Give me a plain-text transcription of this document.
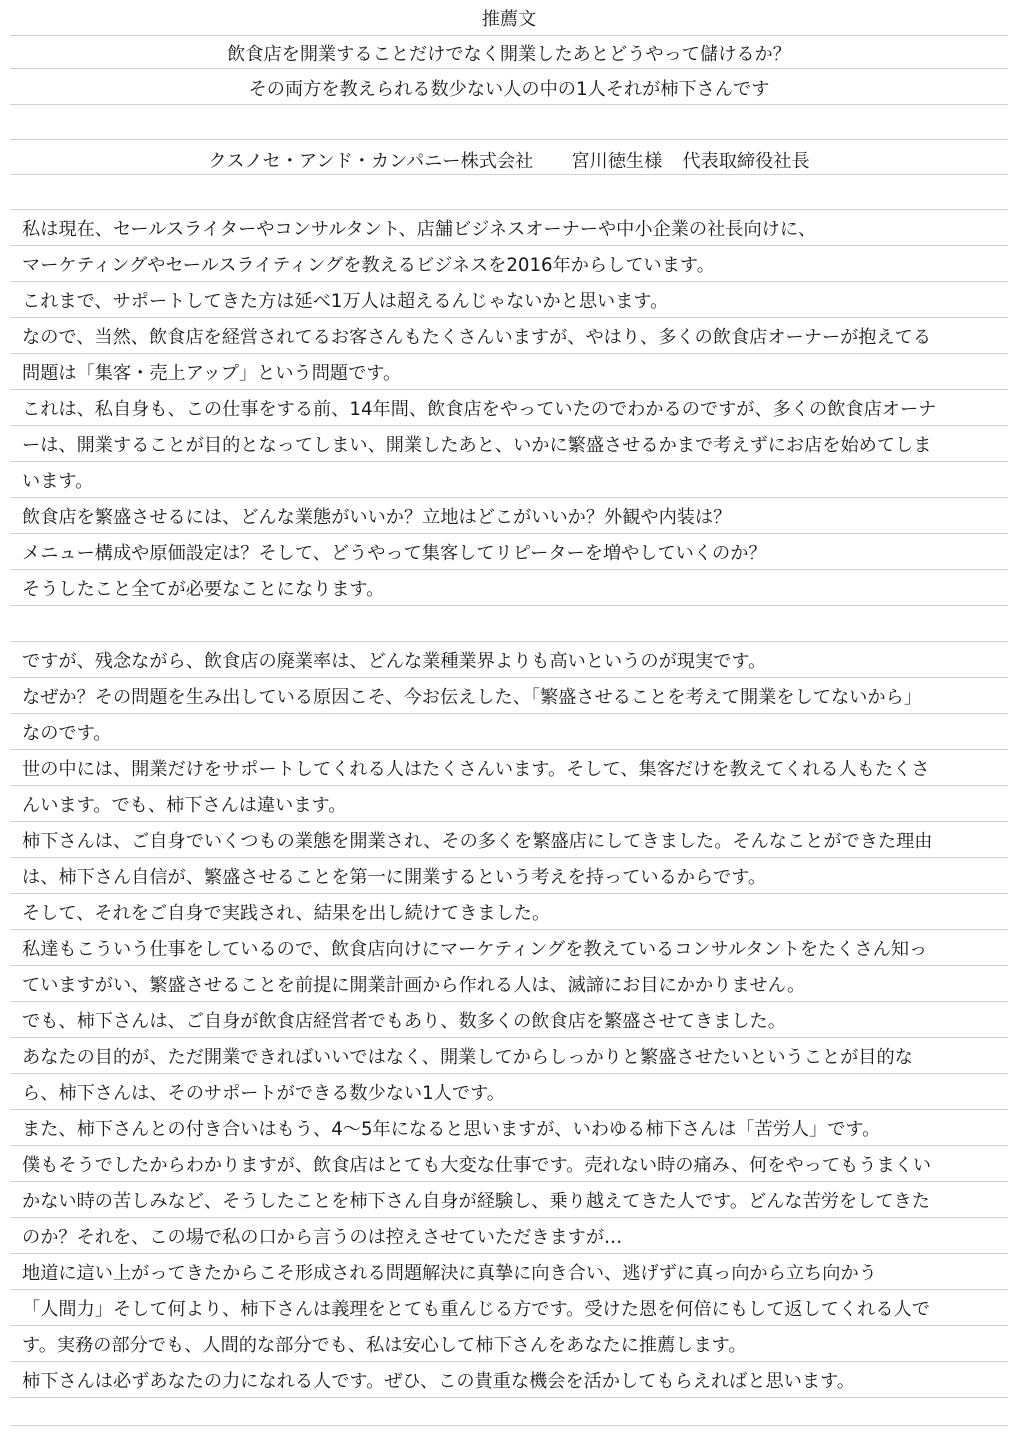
推薦文
飲食店を開業することだけでなく開業したあとどうやって儲けるか？
その両方を教えられる数少ない人の中の1人それが柿下さんです
クスノセ・アンド・カンパニー株式会社 宮川徳生様 代表取締役社長
私は現在、セールスライターやコンサルタント、店舗ビジネスオーナーや中小企業の社長向けに、
マーケティングやセールスライティングを教えるビジネスを2016年からしています。
これまで、サポートしてきた方は延べ1万人は超えるんじゃないかと思います。
なので、当然、飲食店を経営されてるお客さんもたくさんいますが、やはり、多くの飲食店オーナーが抱えてる
問題は「集客・売上アップ」という問題です。
これは、私自身も、この仕事をする前、14年間、飲食店をやっていたのでわかるのですが、多くの飲食店オーナ
ーは、開業することが目的となってしまい、開業したあと、いかに繁盛させるかまで考えずにお店を始めてしま
います。
飲食店を繁盛させるには、どんな業態がいいか？立地はどこがいいか？外観や内装は？
メニュー構成や原価設定は？そして、どうやって集客してリピーターを増やしていくのか？
そうしたこと全てが必要なことになります。
ですが、残念ながら、飲食店の廃業率は、どんな業種業界よりも高いというのが現実です。
なぜか？その問題を生み出している原因こそ、今お伝えした、「繁盛させることを考えて開業をしてないから」
なのです。
世の中には、開業だけをサポートしてくれる人はたくさんいます。そして、集客だけを教えてくれる人もたくさ
んいます。でも、柿下さんは違います。
柿下さんは、ご自身でいくつもの業態を開業され、その多くを繁盛店にしてきました。そんなことができた理由
は、柿下さん自信が、繁盛させることを第一に開業するという考えを持っているからです。
そして、それをご自身で実践され、結果を出し続けてきました。
私達もこういう仕事をしているので、飲食店向けにマーケティングを教えているコンサルタントをたくさん知っ
ていますがい、繁盛させることを前提に開業計画から作れる人は、滅諦にお目にかかりません。
でも、柿下さんは、ご自身が飲食店経営者でもあり、数多くの飲食店を繁盛させてきました。
あなたの目的が、ただ開業できればいいではなく、開業してからしっかりと繁盛させたいということが目的な
ら、柿下さんは、そのサポートができる数少ない1人です。
また、柿下さんとの付き合いはもう、4〜5年になると思いますが、いわゆる柿下さんは「苦労人」です。
僕もそうでしたからわかりますが、飲食店はとても大変な仕事です。売れない時の痛み、何をやってもうまくい
かない時の苦しみなど、そうしたことを柿下さん自身が経験し、乗り越えてきた人です。どんな苦労をしてきた
のか？それを、この場で私の口から言うのは控えさせていただきますが…
地道に這い上がってきたからこそ形成される問題解決に真摯に向き合い、逃げずに真っ向から立ち向かう
「人間力」そして何より、柿下さんは義理をとても重んじる方です。受けた恩を何倍にもして返してくれる人で
す。実務の部分でも、人間的な部分でも、私は安心して柿下さんをあなたに推薦します。
柿下さんは必ずあなたの力になれる人です。ぜひ、この貴重な機会を活かしてもらえればと思います。
